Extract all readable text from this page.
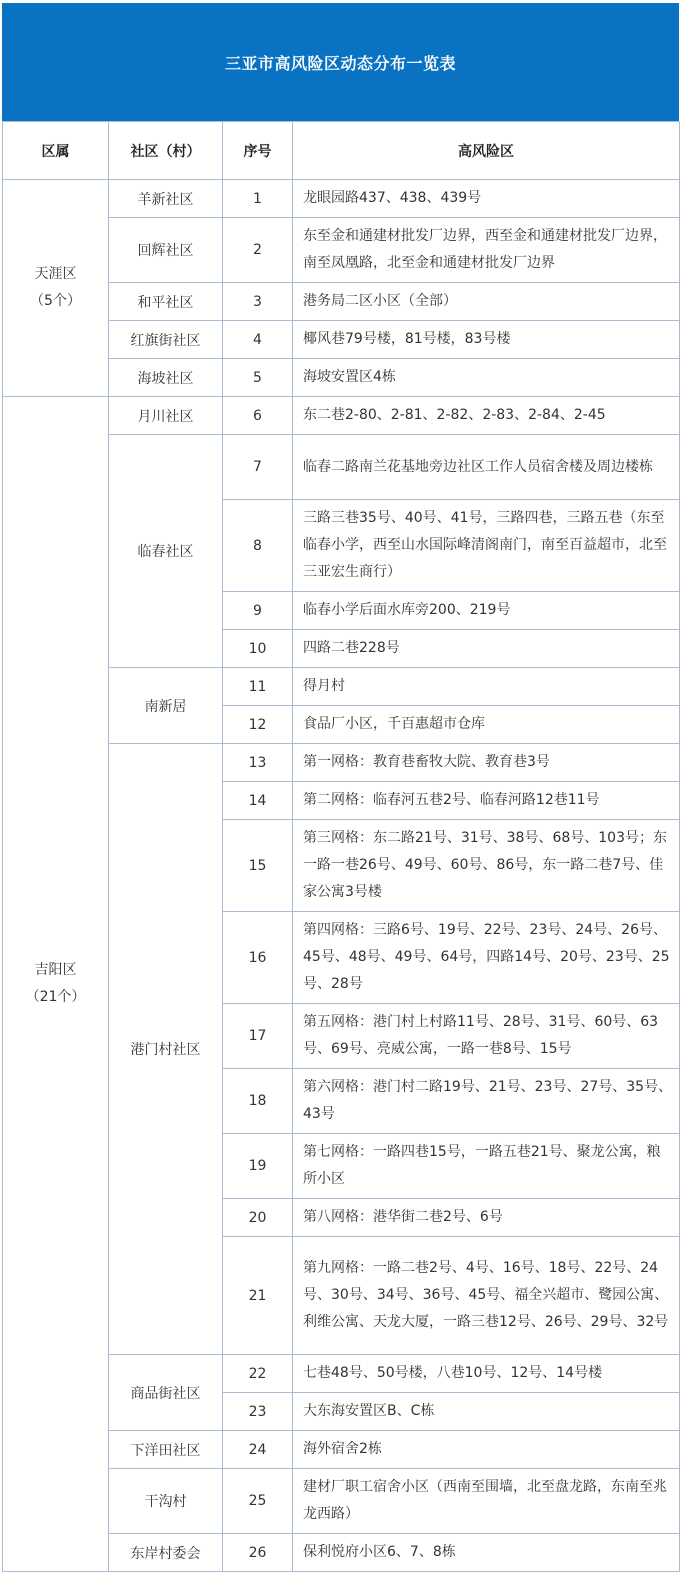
三亚市高风险区动态分布一览表
区属	社区（村）	序号	高风险区
天涯区
（5个）	羊新社区	1	龙眼园路437、438、439号
	回辉社区	2	东至金和通建材批发厂边界，西至金和通建材批发厂边界，南至凤凰路，北至金和通建材批发厂边界
	和平社区	3	港务局二区小区（全部）
	红旗街社区	4	椰风巷79号楼，81号楼，83号楼
	海坡社区	5	海坡安置区4栋
吉阳区
（21个）	月川社区	6	东二巷2-80、2-81、2-82、2-83、2-84、2-45
	临春社区	7	临春二路南兰花基地旁边社区工作人员宿舍楼及周边楼栋
		8	三路三巷35号、40号、41号，三路四巷，三路五巷（东至临春小学，西至山水国际峰清阁南门，南至百益超市，北至三亚宏生商行）
		9	临春小学后面水库旁200、219号
		10	四路二巷228号
	南新居	11	得月村
		12	食品厂小区，千百惠超市仓库
	港门村社区	13	第一网格：教育巷畜牧大院、教育巷3号
		14	第二网格：临春河五巷2号、临春河路12巷11号
		15	第三网格：东二路21号、31号、38号、68号、103号；东一路一巷26号、49号、60号、86号，东一路二巷7号、佳家公寓3号楼
		16	第四网格：三路6号、19号、22号、23号、24号、26号、45号、48号、49号、64号，四路14号、20号、23号、25号、28号
		17	第五网格：港门村上村路11号、28号、31号、60号、63号、69号、亮威公寓，一路一巷8号、15号
		18	第六网格：港门村二路19号、21号、23号、27号、35号、43号
		19	第七网格：一路四巷15号，一路五巷21号、聚龙公寓，粮所小区
		20	第八网格：港华街二巷2号、6号
		21	第九网格：一路二巷2号、4号、16号、18号、22号、24号、30号、34号、36号、45号、福全兴超市、鹭园公寓、利维公寓、天龙大厦，一路三巷12号、26号、29号、32号
	商品街社区	22	七巷48号、50号楼，八巷10号、12号、14号楼
		23	大东海安置区B、C栋
	下洋田社区	24	海外宿舍2栋
	干沟村	25	建材厂职工宿舍小区（西南至围墙，北至盘龙路，东南至兆龙西路）
	东岸村委会	26	保利悦府小区6、7、8栋
